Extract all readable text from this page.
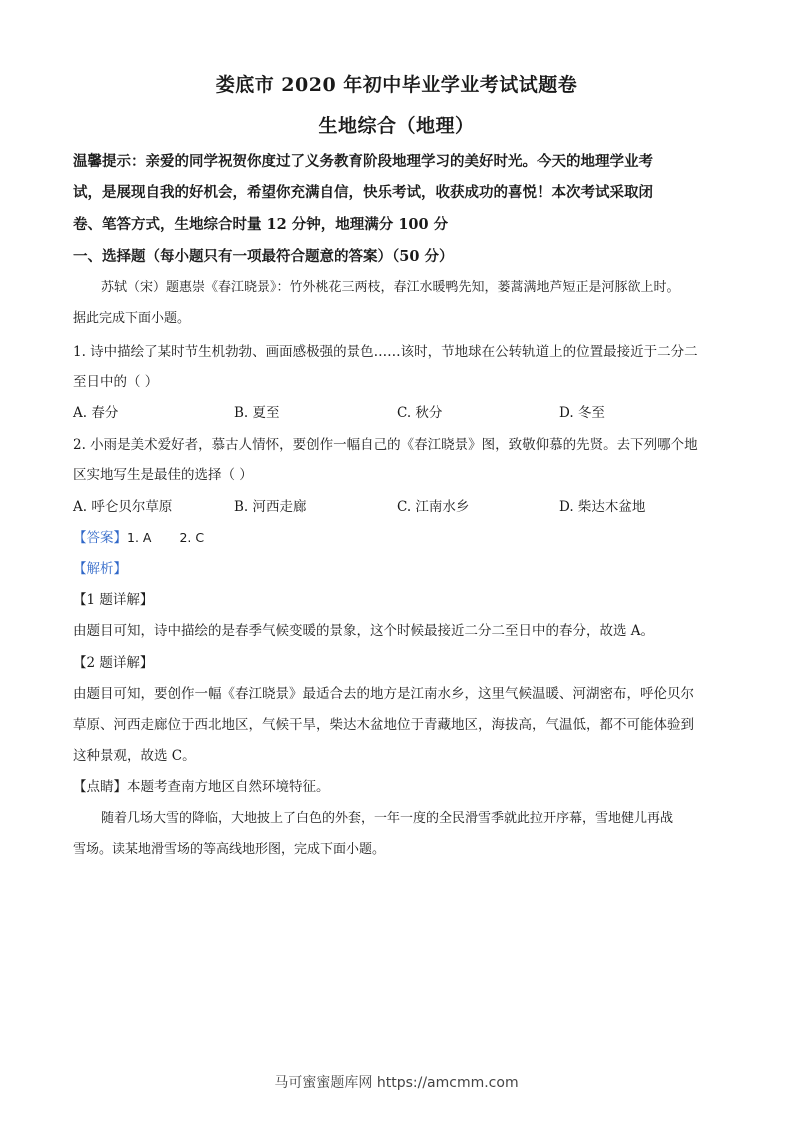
娄底市 2020 年初中毕业学业考试试题卷
生地综合（地理）
温馨提示：亲爱的同学祝贺你度过了义务教育阶段地理学习的美好时光。今天的地理学业考
试，是展现自我的好机会，希望你充满自信，快乐考试，收获成功的喜悦！本次考试采取闭
卷、笔答方式，生地综合时量 12 分钟，地理满分 100 分
一、选择题（每小题只有一项最符合题意的答案）（50 分）
苏轼（宋）题惠崇《春江晓景》：竹外桃花三两枝，春江水暖鸭先知，蒌蒿满地芦短正是河豚欲上时。
据此完成下面小题。
1. 诗中描绘了某时节生机勃勃、画面感极强的景色……该时，节地球在公转轨道上的位置最接近于二分二
至日中的（ ）
A. 春分	B. 夏至	C. 秋分	D. 冬至
2. 小雨是美术爱好者，慕古人情怀，要创作一幅自己的《春江晓景》图，致敬仰慕的先贤。去下列哪个地
区实地写生是最佳的选择（ ）
A. 呼仑贝尔草原	B. 河西走廊	C. 江南水乡	D. 柴达木盆地
【答案】1. A 2. C
【解析】
【1 题详解】
由题目可知，诗中描绘的是春季气候变暖的景象，这个时候最接近二分二至日中的春分，故选 A。
【2 题详解】
由题目可知，要创作一幅《春江晓景》最适合去的地方是江南水乡，这里气候温暖、河湖密布，呼伦贝尔
草原、河西走廊位于西北地区，气候干旱，柴达木盆地位于青藏地区，海拔高，气温低，都不可能体验到
这种景观，故选 C。
【点睛】本题考查南方地区自然环境特征。
随着几场大雪的降临，大地披上了白色的外套，一年一度的全民滑雪季就此拉开序幕，雪地健儿再战
雪场。读某地滑雪场的等高线地形图，完成下面小题。
马可蜜蜜题库网 https://amcmm.com
